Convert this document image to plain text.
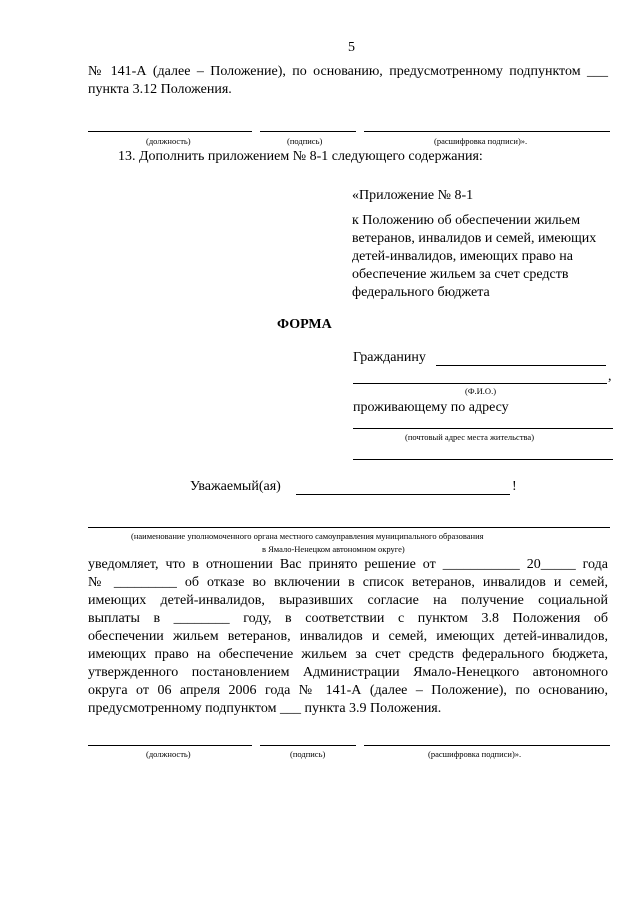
5
№ 141-А (далее – Положение), по основанию, предусмотренному подпунктом ___
пункта 3.12 Положения.
(должность)	(подпись)	(расшифровка подписи)».
13. Дополнить приложением № 8-1 следующего содержания:
«Приложение № 8-1
к Положению об обеспечении жильем
ветеранов, инвалидов и семей, имеющих
детей-инвалидов, имеющих право на
обеспечение жильем за счет средств
федерального бюджета
ФОРМА
Гражданину
,
(Ф.И.О.)
проживающему по адресу
(почтовый адрес места жительства)
Уважаемый(ая)	!
(наименование уполномоченного органа местного самоуправления муниципального образования
в Ямало-Ненецком автономном округе)
уведомляет, что в отношении Вас принято решение от ___________ 20_____ года
№ _________ об отказе во включении в список ветеранов, инвалидов и семей,
имеющих детей-инвалидов, выразивших согласие на получение социальной
выплаты в ________ году, в соответствии с пунктом 3.8 Положения об
обеспечении жильем ветеранов, инвалидов и семей, имеющих детей-инвалидов,
имеющих право на обеспечение жильем за счет средств федерального бюджета,
утвержденного постановлением Администрации Ямало-Ненецкого автономного
округа от 06 апреля 2006 года № 141-А (далее – Положение), по основанию,
предусмотренному подпунктом ___ пункта 3.9 Положения.
(должность)	(подпись)	(расшифровка подписи)».
